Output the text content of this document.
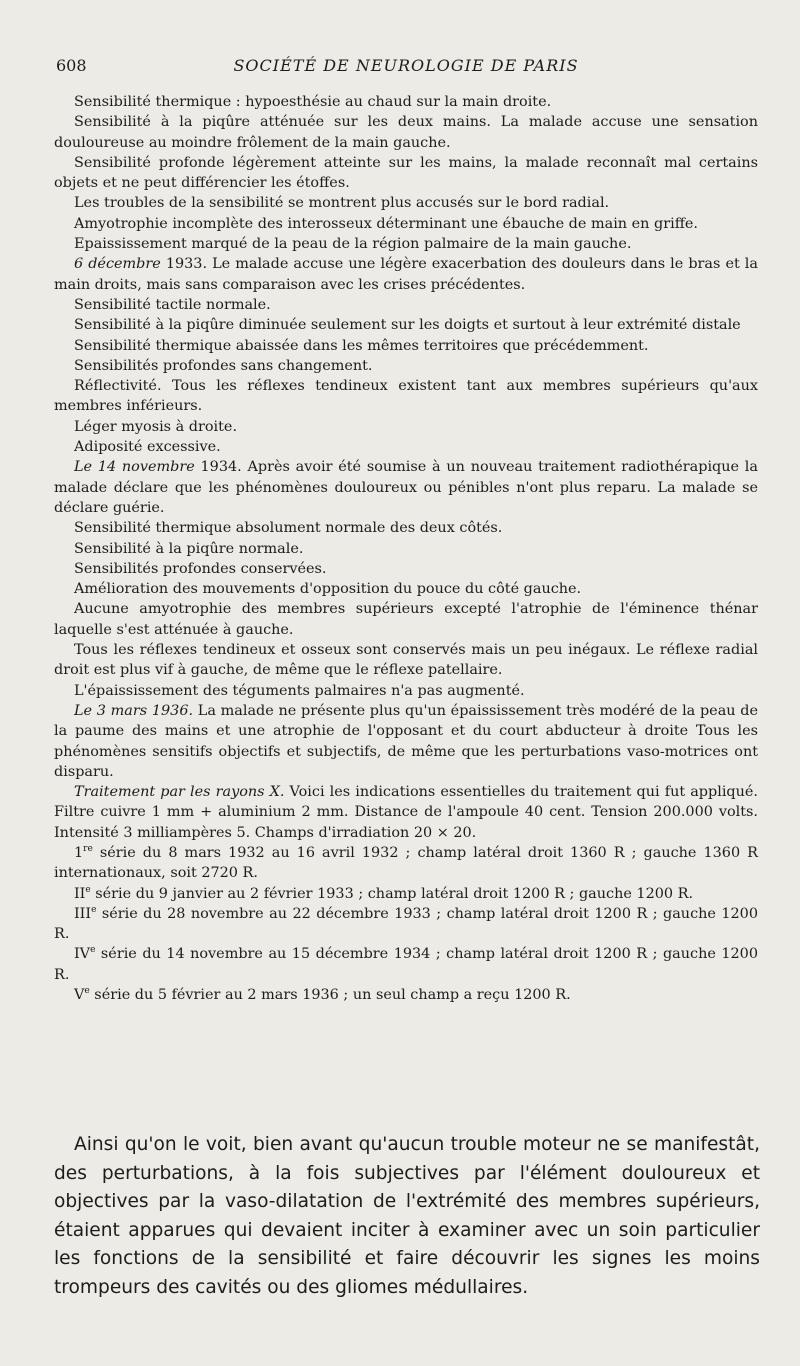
608	SOCIÉTÉ DE NEUROLOGIE DE PARIS

Sensibilité thermique : hypoesthésie au chaud sur la main droite.

Sensibilité à la piqûre atténuée sur les deux mains. La malade accuse une sensation douloureuse au moindre frôlement de la main gauche.

Sensibilité profonde légèrement atteinte sur les mains, la malade reconnaît mal certains objets et ne peut différencier les étoffes.

Les troubles de la sensibilité se montrent plus accusés sur le bord radial.

Amyotrophie incomplète des interosseux déterminant une ébauche de main en griffe.

Epaississement marqué de la peau de la région palmaire de la main gauche.

6 décembre 1933. Le malade accuse une légère exacerbation des douleurs dans le bras et la main droits, mais sans comparaison avec les crises précédentes.

Sensibilité tactile normale.

Sensibilité à la piqûre diminuée seulement sur les doigts et surtout à leur extrémité distale

Sensibilité thermique abaissée dans les mêmes territoires que précédemment.

Sensibilités profondes sans changement.

Réflectivité. Tous les réflexes tendineux existent tant aux membres supérieurs qu'aux membres inférieurs.

Léger myosis à droite.

Adiposité excessive.

Le 14 novembre 1934. Après avoir été soumise à un nouveau traitement radiothérapique la malade déclare que les phénomènes douloureux ou pénibles n'ont plus reparu. La malade se déclare guérie.

Sensibilité thermique absolument normale des deux côtés.

Sensibilité à la piqûre normale.

Sensibilités profondes conservées.

Amélioration des mouvements d'opposition du pouce du côté gauche.

Aucune amyotrophie des membres supérieurs excepté l'atrophie de l'éminence thénar laquelle s'est atténuée à gauche.

Tous les réflexes tendineux et osseux sont conservés mais un peu inégaux. Le réflexe radial droit est plus vif à gauche, de même que le réflexe patellaire.

L'épaississement des téguments palmaires n'a pas augmenté.

Le 3 mars 1936. La malade ne présente plus qu'un épaississement très modéré de la peau de la paume des mains et une atrophie de l'opposant et du court abducteur à droite Tous les phénomènes sensitifs objectifs et subjectifs, de même que les perturbations vaso-motrices ont disparu.

Traitement par les rayons X. Voici les indications essentielles du traitement qui fut appliqué. Filtre cuivre 1 mm + aluminium 2 mm. Distance de l'ampoule 40 cent. Tension 200.000 volts. Intensité 3 milliampères 5. Champs d'irradiation 20 × 20.

1re série du 8 mars 1932 au 16 avril 1932 ; champ latéral droit 1360 R ; gauche 1360 R internationaux, soit 2720 R.

IIe série du 9 janvier au 2 février 1933 ; champ latéral droit 1200 R ; gauche 1200 R.

IIIe série du 28 novembre au 22 décembre 1933 ; champ latéral droit 1200 R ; gauche 1200 R.

IVe série du 14 novembre au 15 décembre 1934 ; champ latéral droit 1200 R ; gauche 1200 R.

Ve série du 5 février au 2 mars 1936 ; un seul champ a reçu 1200 R.

Ainsi qu'on le voit, bien avant qu'aucun trouble moteur ne se manifestât, des perturbations, à la fois subjectives par l'élément douloureux et objectives par la vaso-dilatation de l'extrémité des membres supérieurs, étaient apparues qui devaient inciter à examiner avec un soin particulier les fonctions de la sensibilité et faire découvrir les signes les moins trompeurs des cavités ou des gliomes médullaires.
